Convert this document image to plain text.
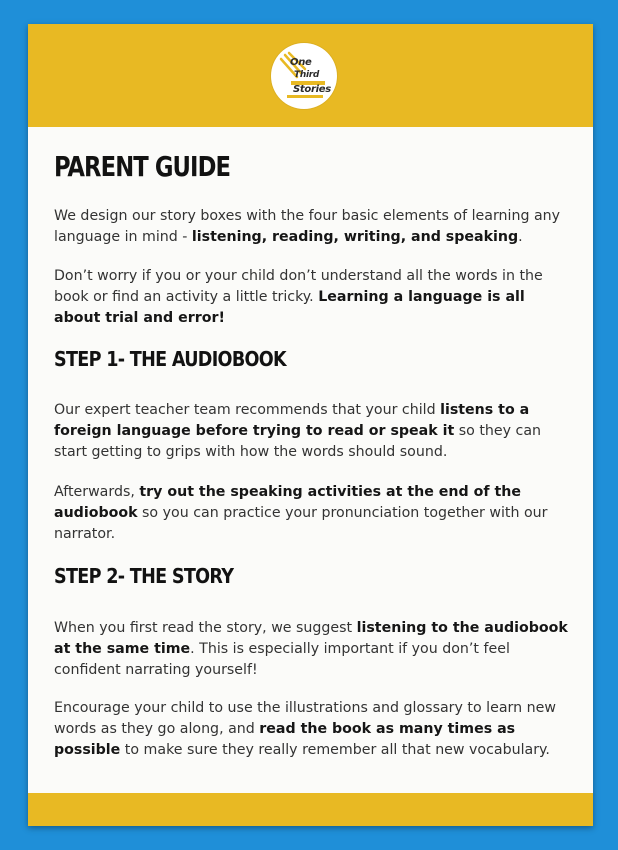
One
Third
Stories
PARENT GUIDE

We design our story boxes with the four basic elements of learning any language in mind - listening, reading, writing, and speaking.

Don’t worry if you or your child don’t understand all the words in the book or find an activity a little tricky. Learning a language is all about trial and error!

STEP 1- THE AUDIOBOOK

Our expert teacher team recommends that your child listens to a foreign language before trying to read or speak it so they can start getting to grips with how the words should sound.

Afterwards, try out the speaking activities at the end of the audiobook so you can practice your pronunciation together with our narrator.

STEP 2- THE STORY

When you first read the story, we suggest listening to the audiobook at the same time. This is especially important if you don’t feel confident narrating yourself!

Encourage your child to use the illustrations and glossary to learn new words as they go along, and read the book as many times as possible to make sure they really remember all that new vocabulary.
